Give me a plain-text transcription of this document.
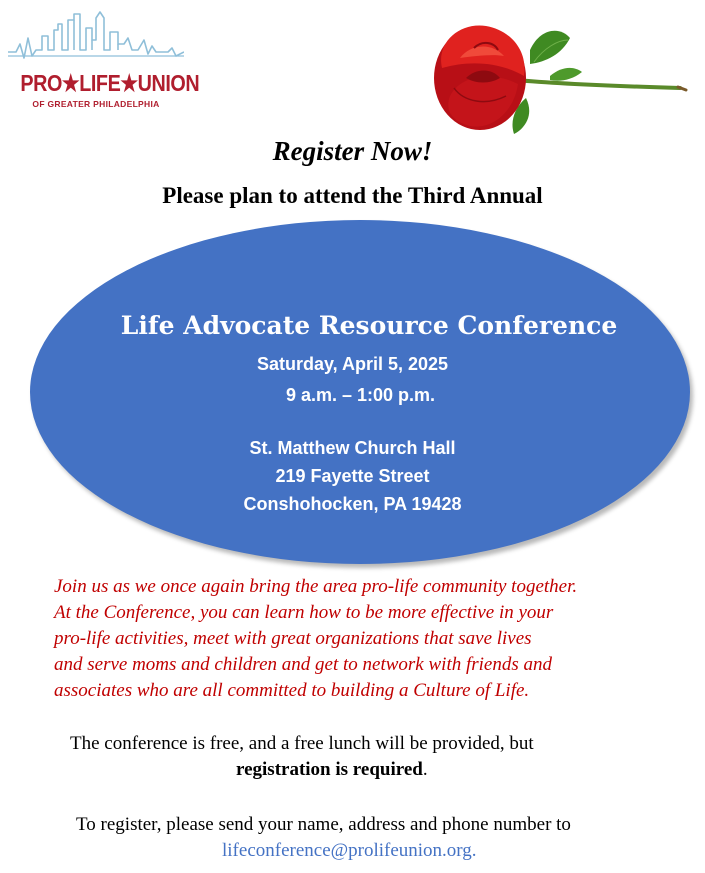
PRO★LIFE★UNION
OF GREATER PHILADELPHIA
Register Now!
Please plan to attend the Third Annual
Life Advocate Resource Conference
Saturday, April 5, 2025
9 a.m. – 1:00 p.m.
St. Matthew Church Hall
219 Fayette Street
Conshohocken, PA 19428
Join us as we once again bring the area pro-life community together.
At the Conference, you can learn how to be more effective in your
pro-life activities, meet with great organizations that save lives
and serve moms and children and get to network with friends and
associates who are all committed to building a Culture of Life.
The conference is free, and a free lunch will be provided, but
registration is required.
To register, please send your name, address and phone number to
lifeconference@prolifeunion.org.
